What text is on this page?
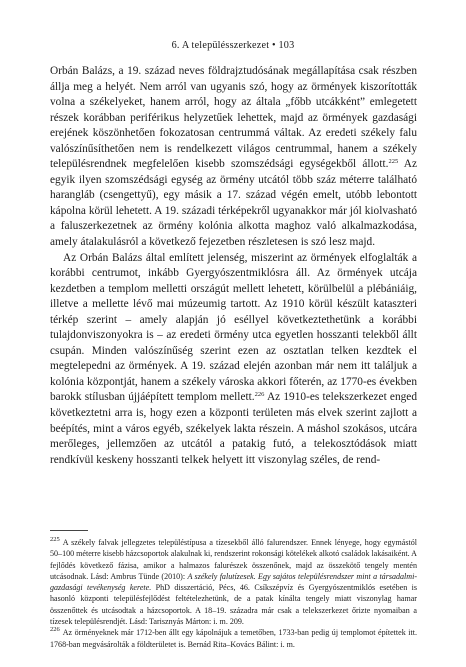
6. A településszerkezet • 103

Orbán Balázs, a 19. század neves földrajztudósának megállapítása csak részben állja meg a helyét. Nem arról van ugyanis szó, hogy az örmények kiszorították volna a székelyeket, hanem arról, hogy az általa „főbb utcákként” emlegetett részek korábban periférikus helyzetűek lehettek, majd az örmények gazdasági erejének köszönhetően fokozatosan centrummá váltak. Az eredeti székely falu valószínűsíthetően nem is rendelkezett világos centrummal, hanem a székely településrendnek megfelelően kisebb szomszédsági egységekből állott.$^{225}$ Az egyik ilyen szomszédsági egység az örmény utcától több száz méterre található harangláb (csengettyű), egy másik a 17. század végén emelt, utóbb lebontott kápolna körül lehetett. A 19. századi térképekről ugyanakkor már jól kiolvasható a faluszerkezetnek az örmény kolónia alkotta maghoz való alkalmazkodása, amely átalakulásról a következő fejezetben részletesen is szó lesz majd.

Az Orbán Balázs által említett jelenség, miszerint az örmények elfoglalták a korábbi centrumot, inkább Gyergyószentmiklósra áll. Az örmények utcája kezdetben a templom melletti országút mellett lehetett, körülbelül a plébániáig, illetve a mellette lévő mai múzeumig tartott. Az 1910 körül készült kataszteri térkép szerint – amely alapján jó eséllyel következtethetünk a korábbi tulajdonviszonyokra is – az eredeti örmény utca egyetlen hosszanti telekből állt csupán. Minden valószínűség szerint ezen az osztatlan telken kezdtek el megtelepedni az örmények. A 19. század elején azonban már nem itt találjuk a kolónia központját, hanem a székely városka akkori főterén, az 1770-es években barokk stílusban újjáépített templom mellett.$^{226}$ Az 1910-es telekszerkezet enged következtetni arra is, hogy ezen a központi területen más elvek szerint zajlott a beépítés, mint a város egyéb, székelyek lakta részein. A máshol szokásos, utcára merőleges, jellemzően az utcától a patakig futó, a telekosztódások miatt rendkívül keskeny hosszanti telkek helyett itt viszonylag széles, de rend-

$^{225}$ A székely falvak jellegzetes településtípusa a tízesekből álló falurendszer. Ennek lényege, hogy egymástól 50–100 méterre kisebb házcsoportok alakulnak ki, rendszerint rokonsági kötelékek alkotó családok lakásaiként. A fejlődés következő fázisa, amikor a halmazos falurészek összenőnek, majd az összekötő tengely mentén utcásodnak. Lásd: Ambrus Tünde (2010): A székely falutízesek. Egy sajátos településrendszer mint a társadalmi-gazdasági tevékenység kerete. PhD disszertáció, Pécs, 46. Csíkszépvíz és Gyergyószentmiklós esetében is hasonló központi településfejlődést feltételezhetünk, de a patak kínálta tengely miatt viszonylag hamar összenőttek és utcásodtak a házcsoportok. A 18–19. századra már csak a telekszerkezet őrizte nyomaiban a tízesek településrendjét. Lásd: Tarisznyás Márton: i. m. 209.

$^{226}$ Az örményeknek már 1712-ben állt egy kápolnájuk a temetőben, 1733-ban pedig új templomot építettek itt. 1768-ban megvásárolták a földterületet is. Bernád Rita–Kovács Bálint: i. m.
